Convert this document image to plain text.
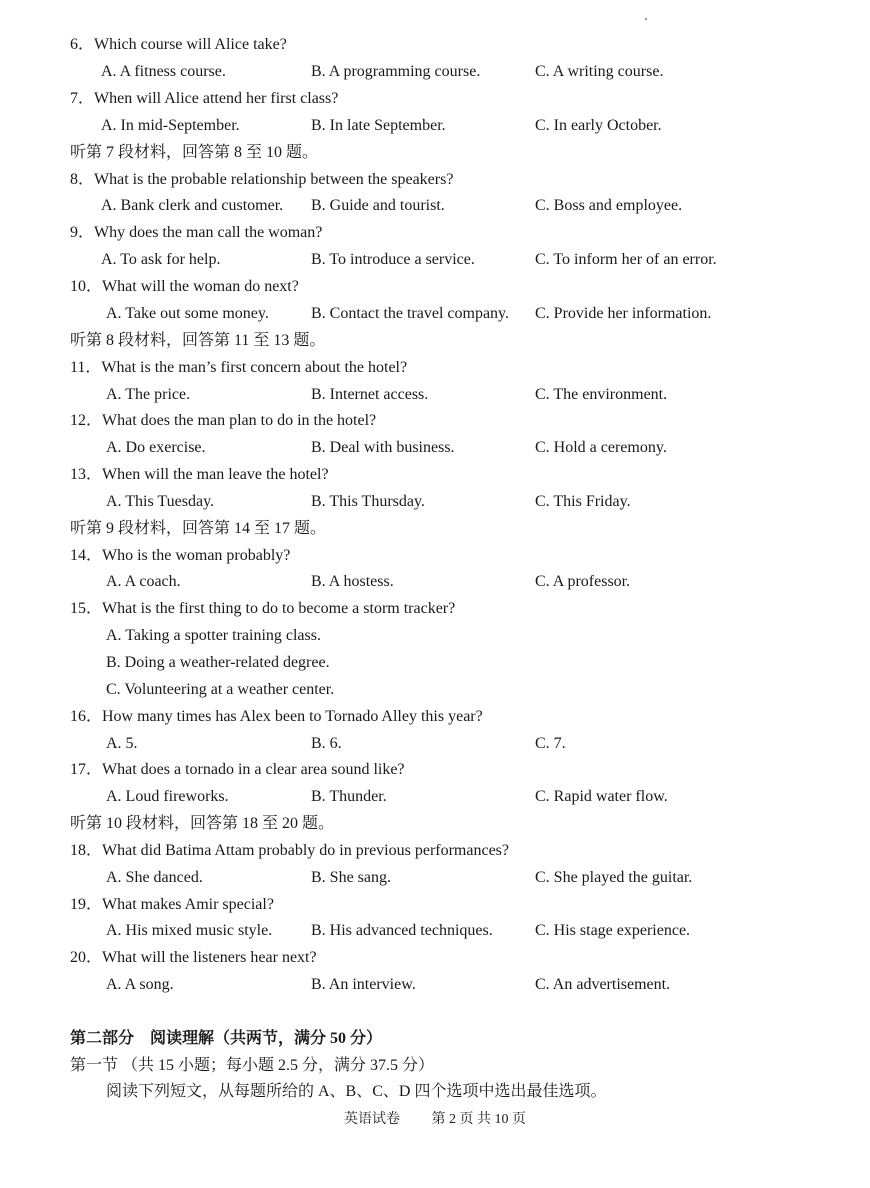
6．Which course will Alice take?
A. A fitness course.	B. A programming course.	C. A writing course.
7．When will Alice attend her first class?
A. In mid-September.	B. In late September.	C. In early October.
听第 7 段材料，回答第 8 至 10 题。
8．What is the probable relationship between the speakers?
A. Bank clerk and customer. B. Guide and tourist.	C. Boss and employee.
9．Why does the man call the woman?
A. To ask for help.	B. To introduce a service.	C. To inform her of an error.
10．What will the woman do next?
A. Take out some money.	B. Contact the travel company. C. Provide her information.
听第 8 段材料，回答第 11 至 13 题。
11．What is the man’s first concern about the hotel?
A. The price.	B. Internet access.	C. The environment.
12．What does the man plan to do in the hotel?
A. Do exercise.	B. Deal with business.	C. Hold a ceremony.
13．When will the man leave the hotel?
A. This Tuesday.	B. This Thursday.	C. This Friday.
听第 9 段材料，回答第 14 至 17 题。
14．Who is the woman probably?
A. A coach.	B. A hostess.	C. A professor.
15．What is the first thing to do to become a storm tracker?
A. Taking a spotter training class.
B. Doing a weather-related degree.
C. Volunteering at a weather center.
16．How many times has Alex been to Tornado Alley this year?
A. 5.	B. 6.	C. 7.
17．What does a tornado in a clear area sound like?
A. Loud fireworks.	B. Thunder.	C. Rapid water flow.
听第 10 段材料，回答第 18 至 20 题。
18．What did Batima Attam probably do in previous performances?
A. She danced.	B. She sang.	C. She played the guitar.
19．What makes Amir special?
A. His mixed music style. B. His advanced techniques.	C. His stage experience.
20．What will the listeners hear next?
A. A song.	B. An interview.	C. An advertisement.
第二部分　阅读理解（共两节，满分 50 分）
第一节 （共 15 小题；每小题 2.5 分，满分 37.5 分）
阅读下列短文，从每题所给的 A、B、C、D 四个选项中选出最佳选项。
英语试卷 第 2 页 共 10 页
